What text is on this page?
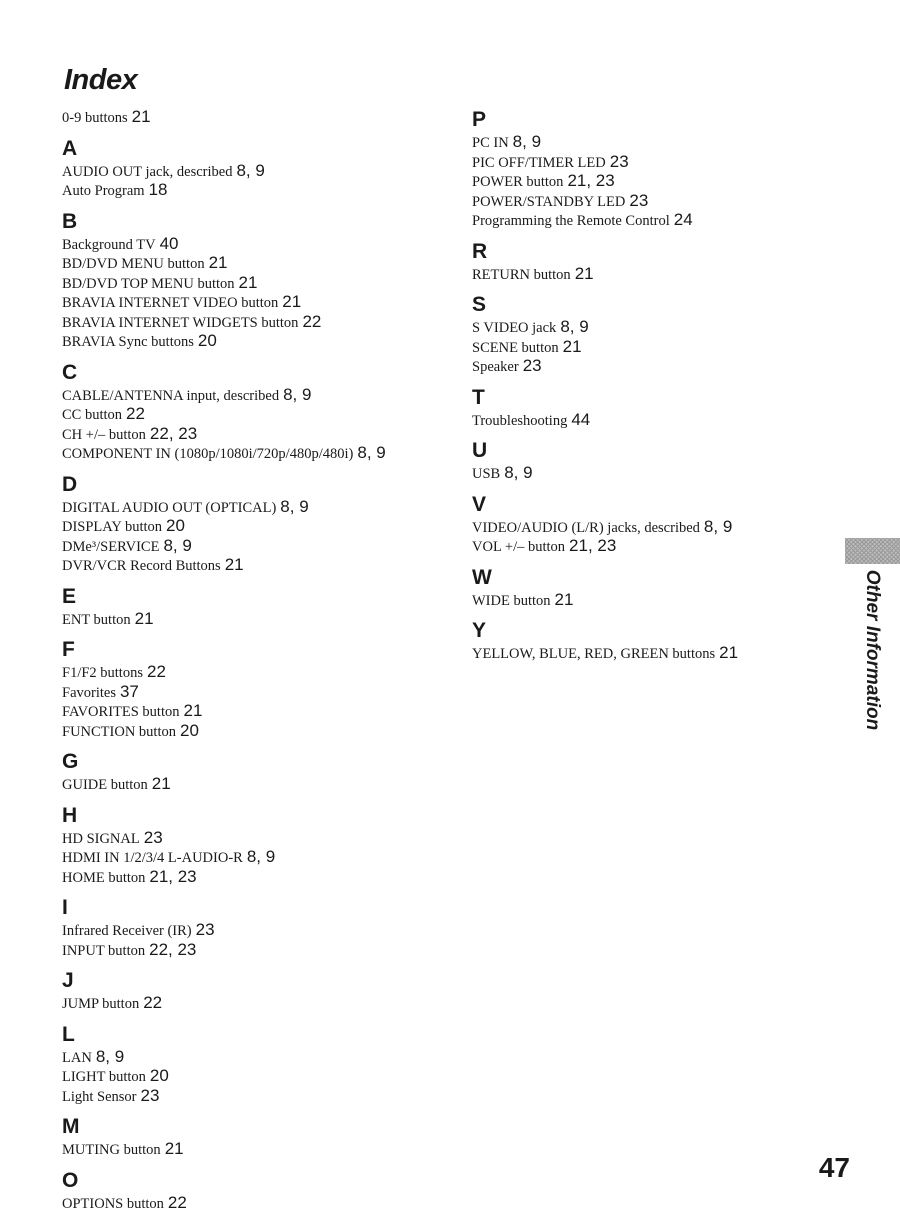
Index
0-9 buttons 21
A
AUDIO OUT jack, described 8, 9
Auto Program 18
B
Background TV 40
BD/DVD MENU button 21
BD/DVD TOP MENU button 21
BRAVIA INTERNET VIDEO button 21
BRAVIA INTERNET WIDGETS button 22
BRAVIA Sync buttons 20
C
CABLE/ANTENNA input, described 8, 9
CC button 22
CH +/– button 22, 23
COMPONENT IN (1080p/1080i/720p/480p/480i) 8, 9
D
DIGITAL AUDIO OUT (OPTICAL) 8, 9
DISPLAY button 20
DMe³/SERVICE 8, 9
DVR/VCR Record Buttons 21
E
ENT button 21
F
F1/F2 buttons 22
Favorites 37
FAVORITES button 21
FUNCTION button 20
G
GUIDE button 21
H
HD SIGNAL 23
HDMI IN 1/2/3/4 L-AUDIO-R 8, 9
HOME button 21, 23
I
Infrared Receiver (IR) 23
INPUT button 22, 23
J
JUMP button 22
L
LAN 8, 9
LIGHT button 20
Light Sensor 23
M
MUTING button 21
O
OPTIONS button 22
P
PC IN 8, 9
PIC OFF/TIMER LED 23
POWER button 21, 23
POWER/STANDBY LED 23
Programming the Remote Control 24
R
RETURN button 21
S
S VIDEO jack 8, 9
SCENE button 21
Speaker 23
T
Troubleshooting 44
U
USB 8, 9
V
VIDEO/AUDIO (L/R) jacks, described 8, 9
VOL +/– button 21, 23
W
WIDE button 21
Y
YELLOW, BLUE, RED, GREEN buttons 21	Other Information
47
